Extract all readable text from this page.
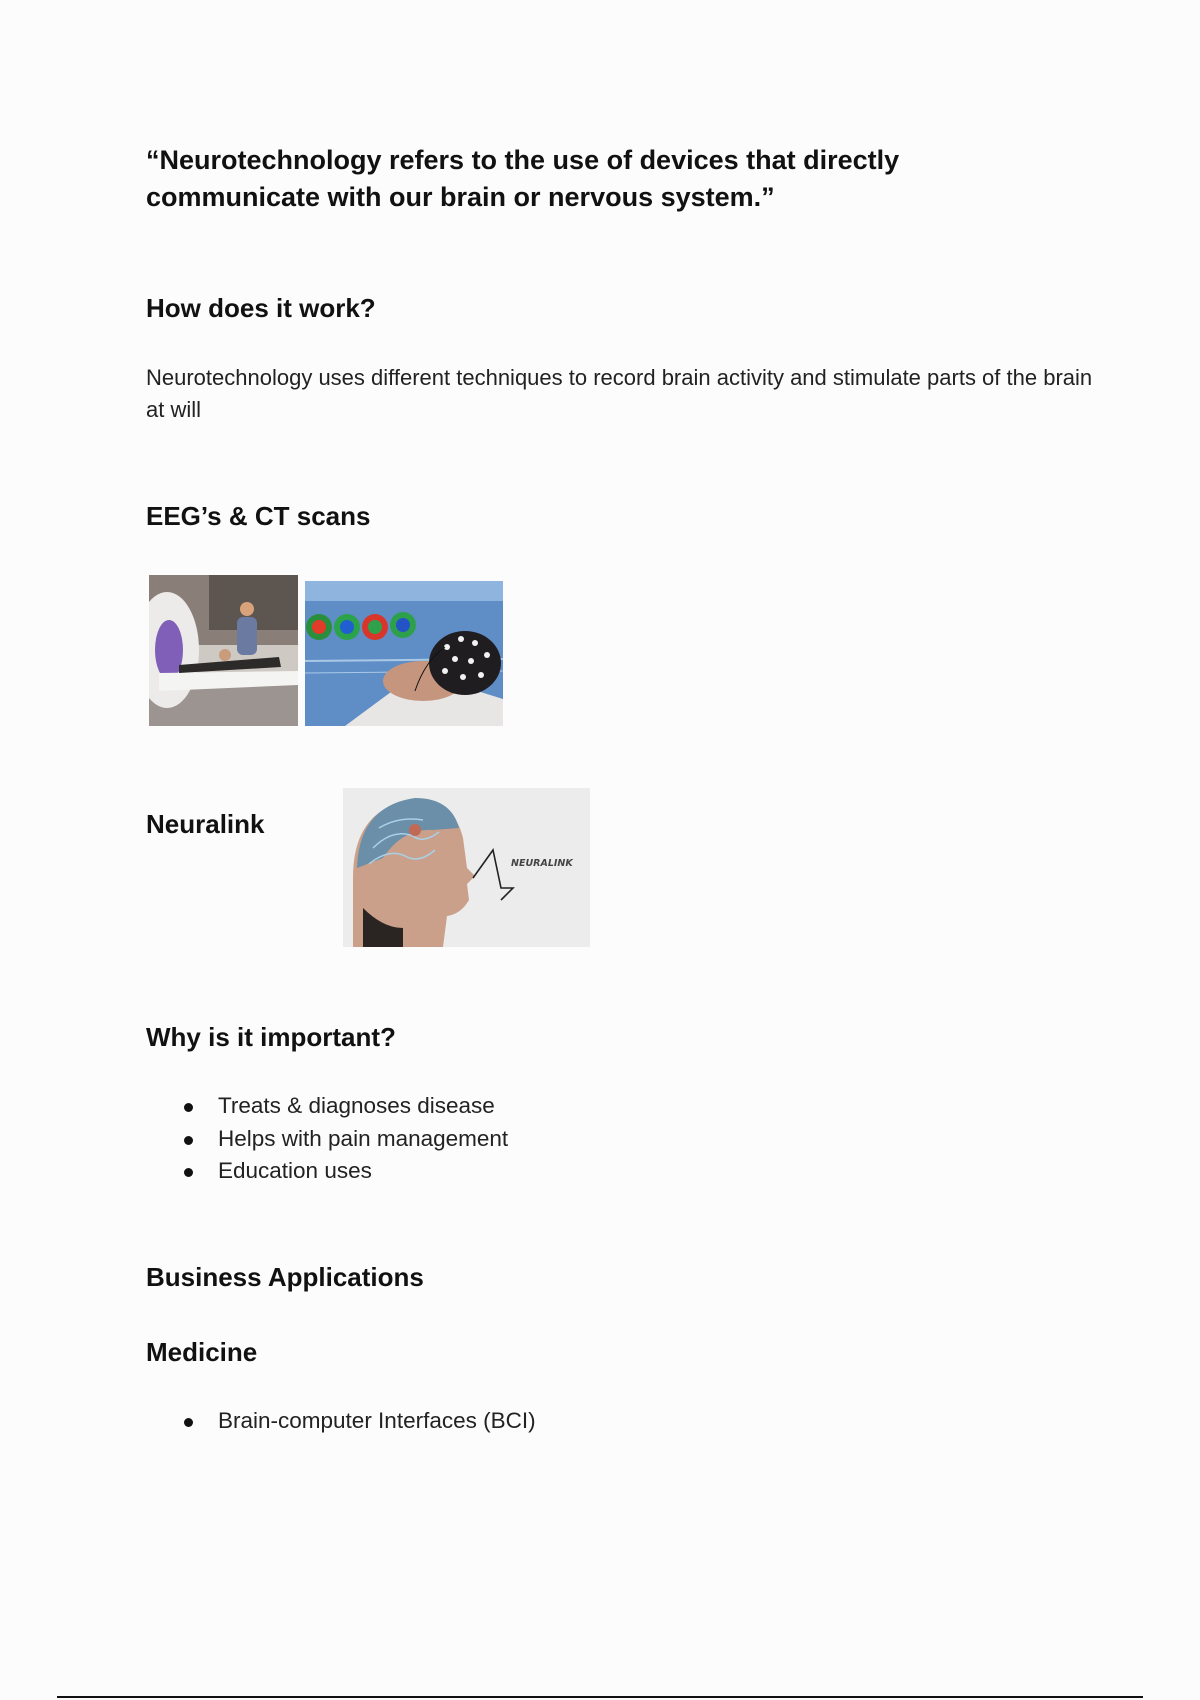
“Neurotechnology refers to the use of devices that directly communicate with our brain or nervous system.”

How does it work?

Neurotechnology uses different techniques to record brain activity and stimulate parts of the brain at will

EEG’s & CT scans
Neuralink
NEURALINK
Why is it important?
Treats & diagnoses disease
Helps with pain management
Education uses
Business Applications
Medicine
Brain-computer Interfaces (BCI)
